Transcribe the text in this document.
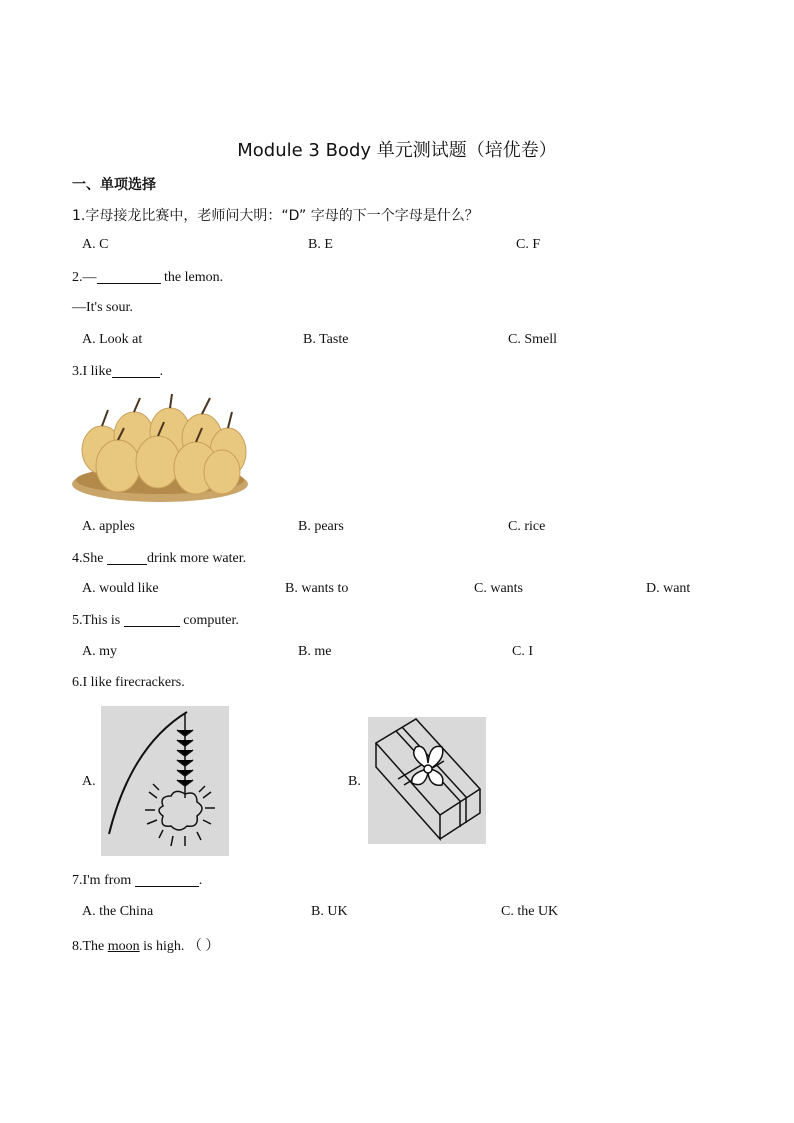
Module 3 Body 单元测试题（培优卷）
一、单项选择
1.字母接龙比赛中，老师问大明：“D” 字母的下一个字母是什么？
A. C	B. E	C. F
2.—	the lemon.
—It's sour.
A. Look at	B. Taste	C. Smell
3.I like	.
A. apples	B. pears	C. rice
4.She	drink more water.
A. would like	B. wants to	C. wants	D. want
5.This is	computer.
A. my	B. me	C. I
6.I like firecrackers.
A.	B.
7.I'm from	.
A. the China	B. UK	C. the UK
8.The moon is high. （ ）
